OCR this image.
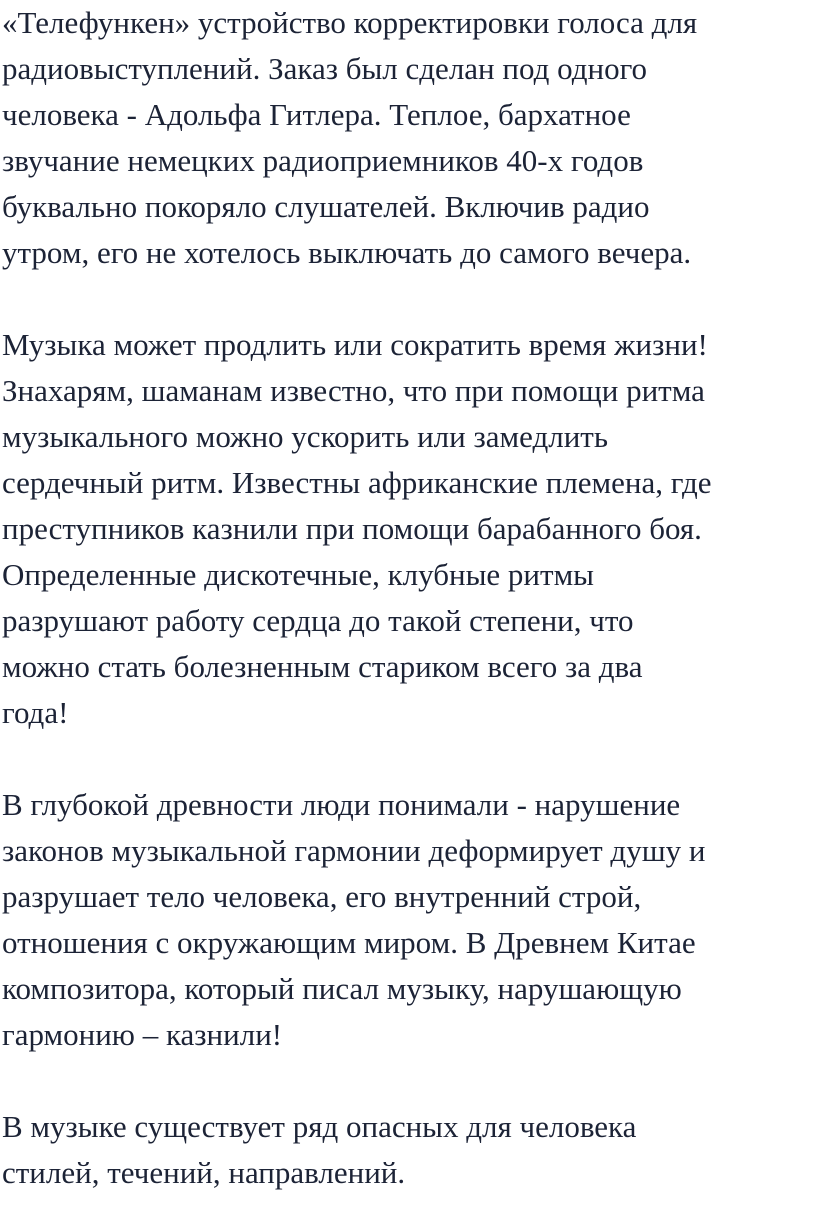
«Телефункен» устройство корректировки голоса для
радиовыступлений. Заказ был сделан под одного
человека - Адольфа Гитлера. Теплое, бархатное
звучание немецких радиоприемников 40-х годов
буквально покоряло слушателей. Включив радио
утром, его не хотелось выключать до самого вечера.

Музыка может продлить или сократить время жизни!
Знахарям, шаманам известно, что при помощи ритма
музыкального можно ускорить или замедлить
сердечный ритм. Известны африканские племена, где
преступников казнили при помощи барабанного боя.
Определенные дискотечные, клубные ритмы
разрушают работу сердца до такой степени, что
можно стать болезненным стариком всего за два
года!

В глубокой древности люди понимали - нарушение
законов музыкальной гармонии деформирует душу и
разрушает тело человека, его внутренний строй,
отношения с окружающим миром. В Древнем Китае
композитора, который писал музыку, нарушающую
гармонию – казнили!

В музыке существует ряд опасных для человека
стилей, течений, направлений.
